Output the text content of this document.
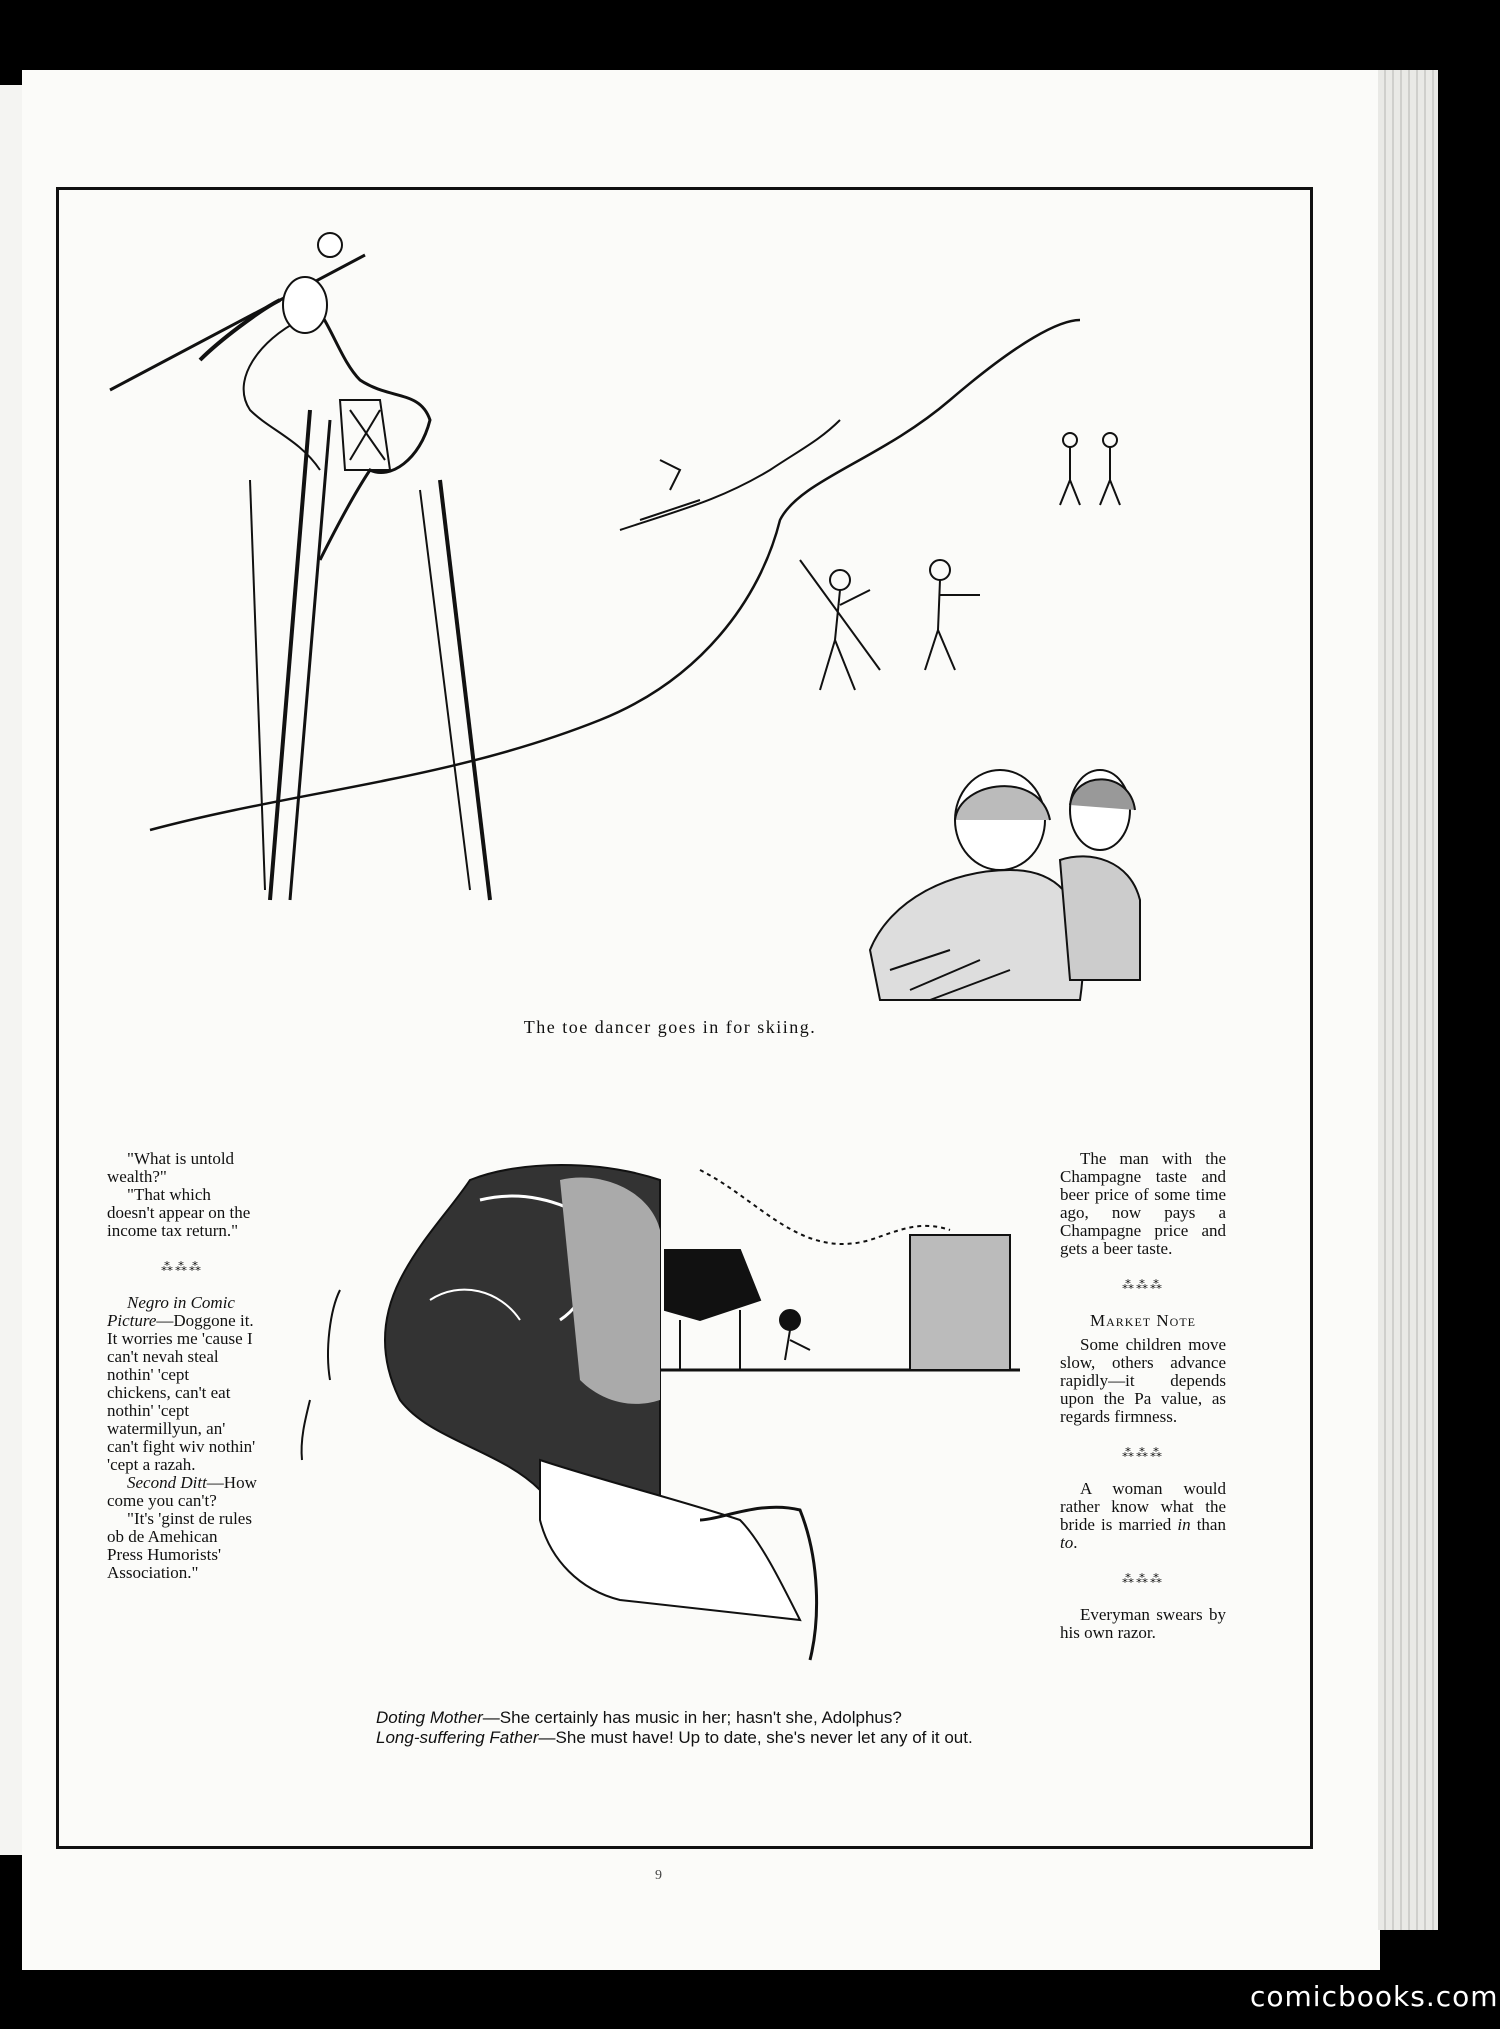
The toe dancer goes in for skiing.

"What is untold wealth?"

"That which doesn't appear on the income tax return."

⁂⁂⁂

Negro in Comic Picture—Doggone it. It worries me 'cause I can't nevah steal nothin' 'cept chickens, can't eat nothin' 'cept watermillyun, an' can't fight wiv nothin' 'cept a razah.

Second Ditt—How come you can't?

"It's 'ginst de rules ob de Amehican Press Humorists' Association."

The man with the Champagne taste and beer price of some time ago, now pays a Champagne price and gets a beer taste.

⁂⁂⁂

Market Note

Some children move slow, others advance rapidly—it depends upon the Pa value, as regards firmness.

⁂⁂⁂

A woman would rather know what the bride is married in than to.

⁂⁂⁂

Everyman swears by his own razor.

Doting Mother—She certainly has music in her; hasn't she, Adolphus?

Long-suffering Father—She must have! Up to date, she's never let any of it out.

9
comicbooks.com
